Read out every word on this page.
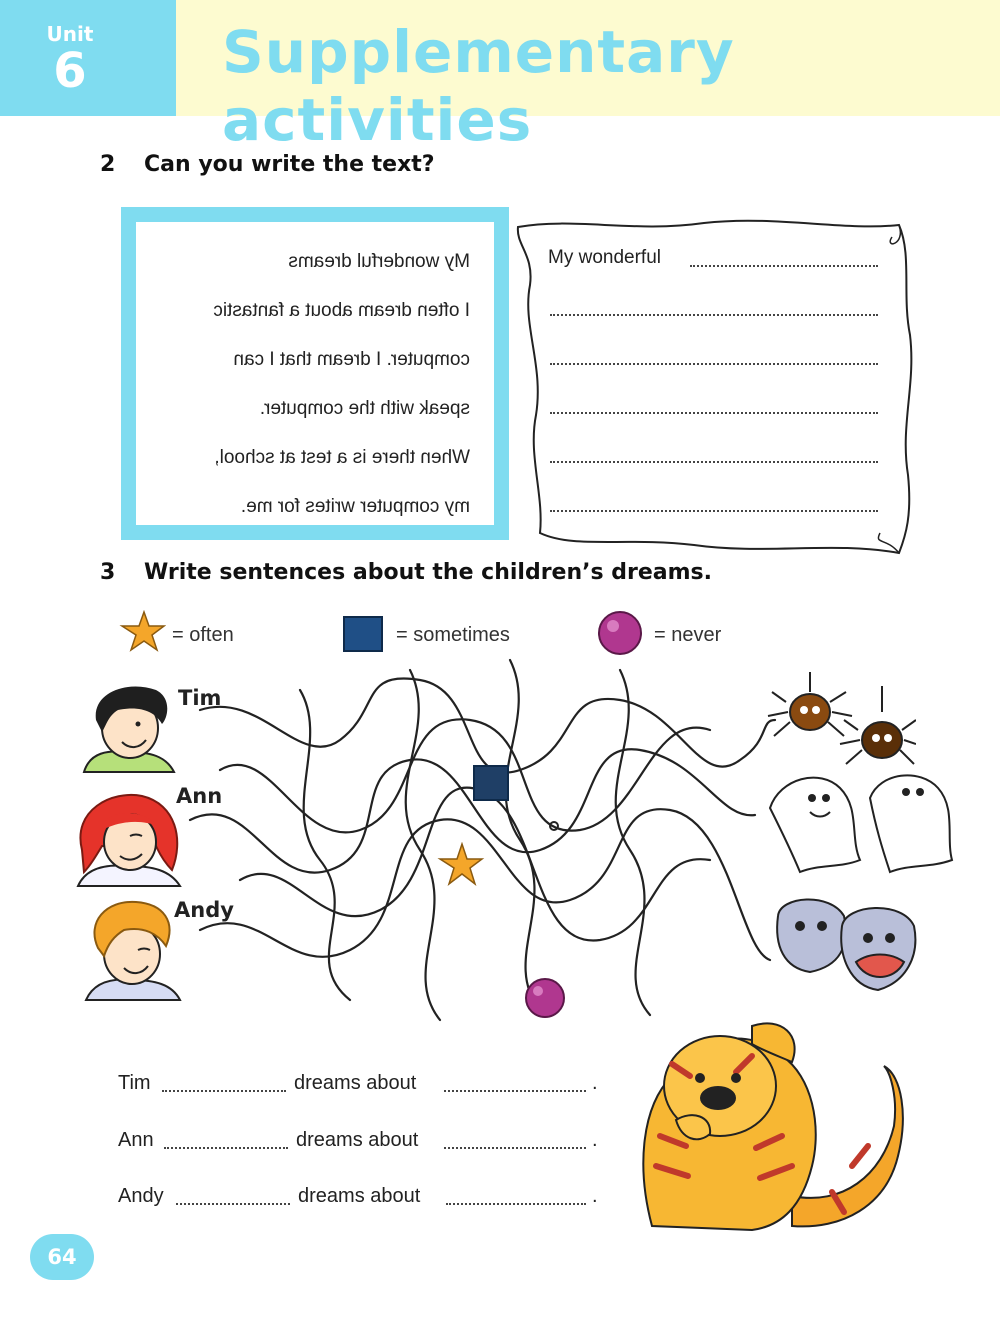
Unit
6	Supplementary activities
2 Can you write the text?
My wonderful dreams
I often dream about a fantastic
computer. I dream that I can
speak with the computer.
When there is a test at school,
my computer writes for me.
My wonderful
3 Write sentences about the children’s dreams.
= often	= sometimes	= never
Tim
Ann
Andy
Tim	dreams about	.
Ann	dreams about	.
Andy	dreams about	.
64
